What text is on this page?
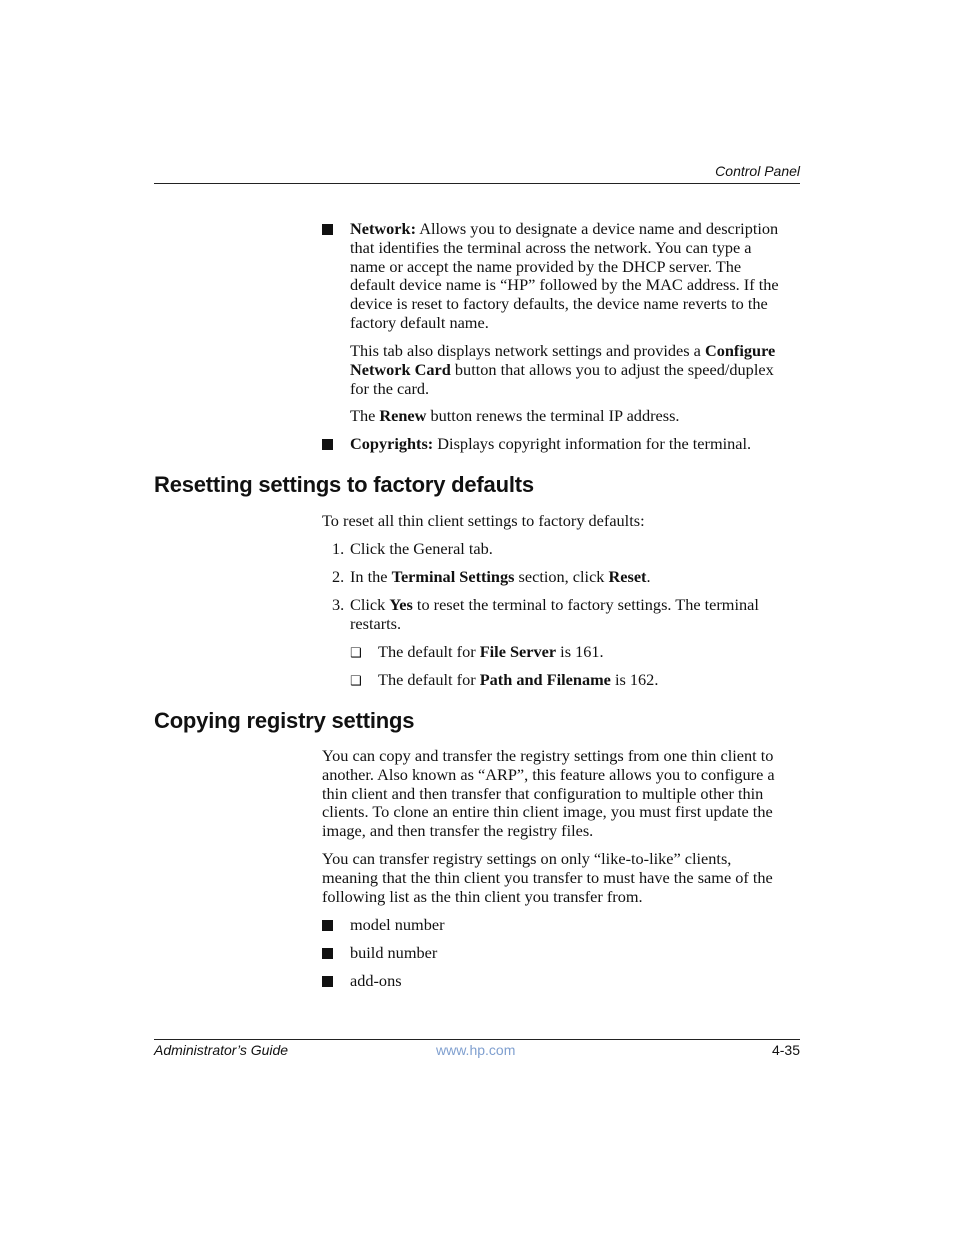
Control Panel
Network: Allows you to designate a device name and description
that identifies the terminal across the network. You can type a
name or accept the name provided by the DHCP server. The
default device name is “HP” followed by the MAC address. If the
device is reset to factory defaults, the device name reverts to the
factory default name.
This tab also displays network settings and provides a Configure
Network Card button that allows you to adjust the speed/duplex
for the card.
The Renew button renews the terminal IP address.
Copyrights: Displays copyright information for the terminal.
Resetting settings to factory defaults
To reset all thin client settings to factory defaults:
1. Click the General tab.
2. In the Terminal Settings section, click Reset.
3. Click Yes to reset the terminal to factory settings. The terminal
restarts.
❑ The default for File Server is 161.
❑ The default for Path and Filename is 162.
Copying registry settings
You can copy and transfer the registry settings from one thin client to
another. Also known as “ARP”, this feature allows you to configure a
thin client and then transfer that configuration to multiple other thin
clients. To clone an entire thin client image, you must first update the
image, and then transfer the registry files.
You can transfer registry settings on only “like-to-like” clients,
meaning that the thin client you transfer to must have the same of the
following list as the thin client you transfer from.
model number
build number
add-ons
Administrator’s Guide	www.hp.com	4-35
